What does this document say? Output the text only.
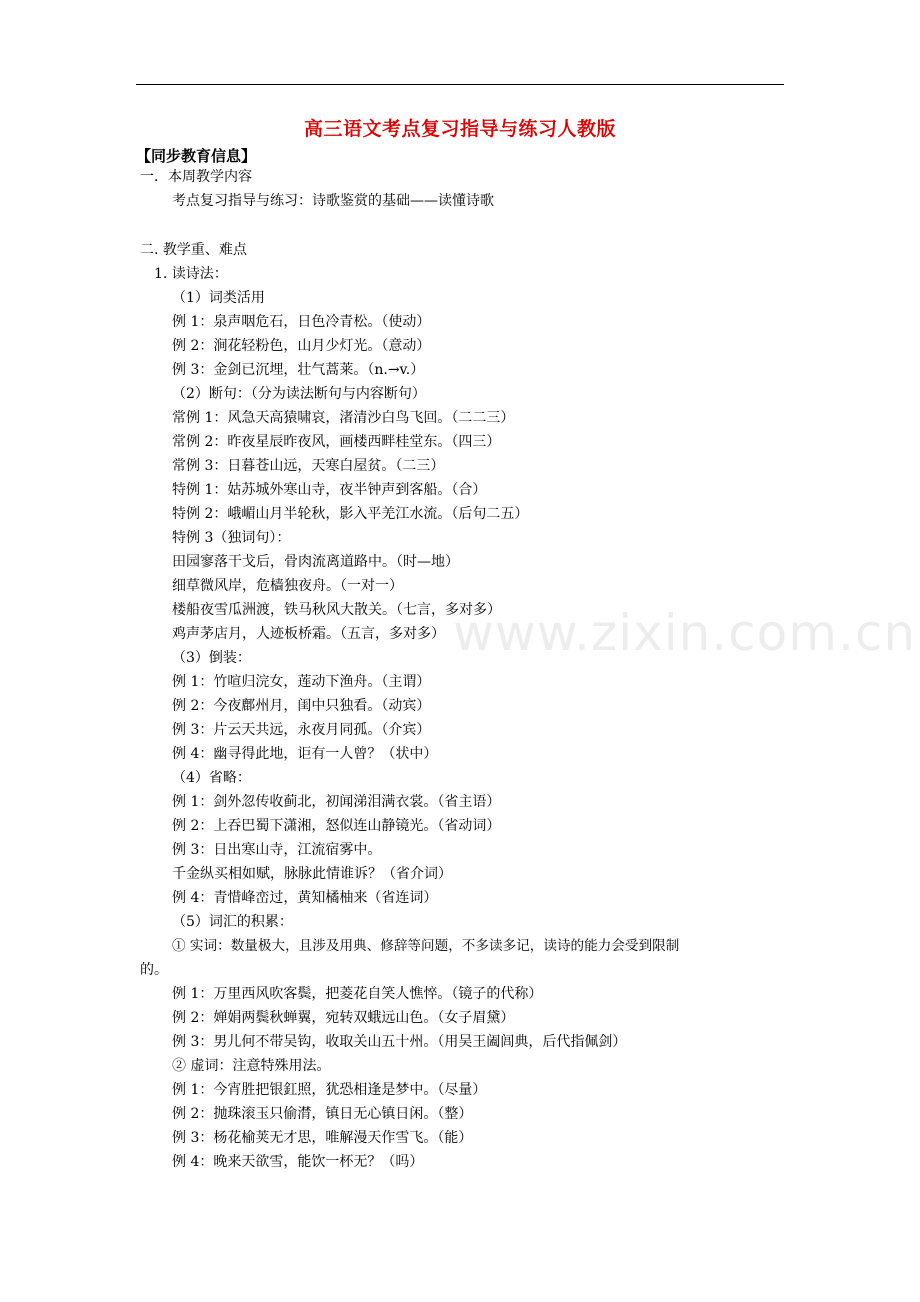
高三语文考点复习指导与练习人教版
【同步教育信息】
www.zixin.com.cn
一．本周教学内容
考点复习指导与练习：诗歌鉴赏的基础——读懂诗歌
二. 教学重、难点
1. 读诗法：
（1）词类活用
例 1：泉声咽危石，日色冷青松。（使动）
例 2：涧花轻粉色，山月少灯光。（意动）
例 3：金剑已沉埋，壮气蒿莱。（n.→v.）
（2）断句：（分为读法断句与内容断句）
常例 1：风急天高猿啸哀，渚清沙白鸟飞回。（二二三）
常例 2：昨夜星辰昨夜风，画楼西畔桂堂东。（四三）
常例 3：日暮苍山远，天寒白屋贫。（二三）
特例 1：姑苏城外寒山寺，夜半钟声到客船。（合）
特例 2：峨嵋山月半轮秋，影入平羌江水流。（后句二五）
特例 3（独词句）：
田园寥落干戈后，骨肉流离道路中。（时—地）
细草微风岸，危樯独夜舟。（一对一）
楼船夜雪瓜洲渡，铁马秋风大散关。（七言，多对多）
鸡声茅店月，人迹板桥霜。（五言，多对多）
（3）倒装：
例 1：竹喧归浣女，莲动下渔舟。（主谓）
例 2：今夜鄜州月，闺中只独看。（动宾）
例 3：片云天共远，永夜月同孤。（介宾）
例 4：幽寻得此地，讵有一人曾？（状中）
（4）省略：
例 1：剑外忽传收蓟北，初闻涕泪满衣裳。（省主语）
例 2：上吞巴蜀下潇湘，怒似连山静镜光。（省动词）
例 3：日出寒山寺，江流宿雾中。
千金纵买相如赋，脉脉此情谁诉？（省介词）
例 4：青惜峰峦过，黄知橘柚来（省连词）
（5）词汇的积累：
① 实词：数量极大，且涉及用典、修辞等问题，不多读多记，读诗的能力会受到限制
的。
例 1：万里西风吹客鬓，把菱花自笑人憔悴。（镜子的代称）
例 2：婵娟两鬓秋蝉翼，宛转双蛾远山色。（女子眉黛）
例 3：男儿何不带吴钩，收取关山五十州。（用吴王阖闾典，后代指佩剑）
② 虚词：注意特殊用法。
例 1：今宵胜把银釭照，犹恐相逢是梦中。（尽量）
例 2：抛珠滚玉只偷潸，镇日无心镇日闲。（整）
例 3：杨花榆荚无才思，唯解漫天作雪飞。（能）
例 4：晚来天欲雪，能饮一杯无？（吗）
